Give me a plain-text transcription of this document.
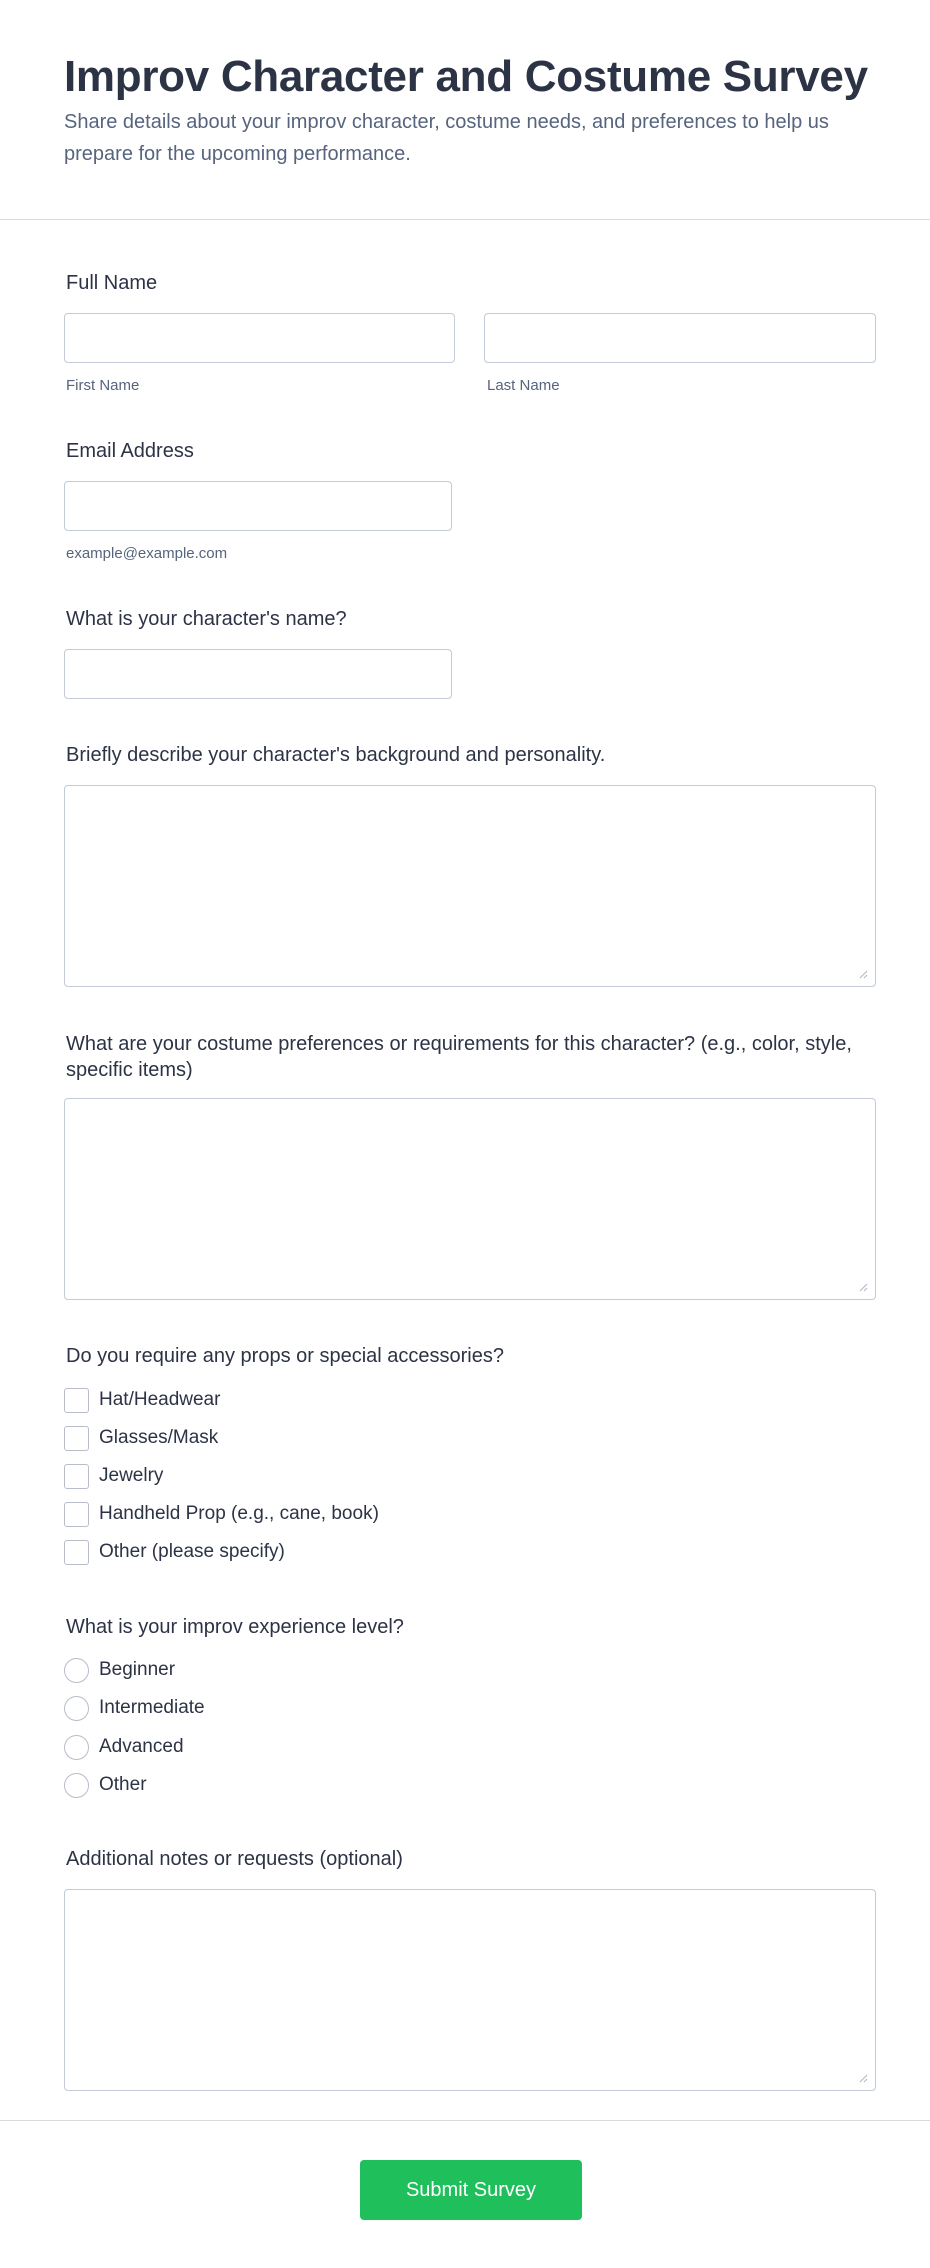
Improv Character and Costume Survey

Share details about your improv character, costume needs, and preferences to help us prepare for the upcoming performance.

Full Name
First Name	Last Name
Email Address
example@example.com
What is your character's name?
Briefly describe your character's background and personality.
What are your costume preferences or requirements for this character? (e.g., color, style, specific items)
Do you require any props or special accessories?
Hat/Headwear
Glasses/Mask
Jewelry
Handheld Prop (e.g., cane, book)
Other (please specify)
What is your improv experience level?
Beginner
Intermediate
Advanced
Other
Additional notes or requests (optional)
Submit Survey
